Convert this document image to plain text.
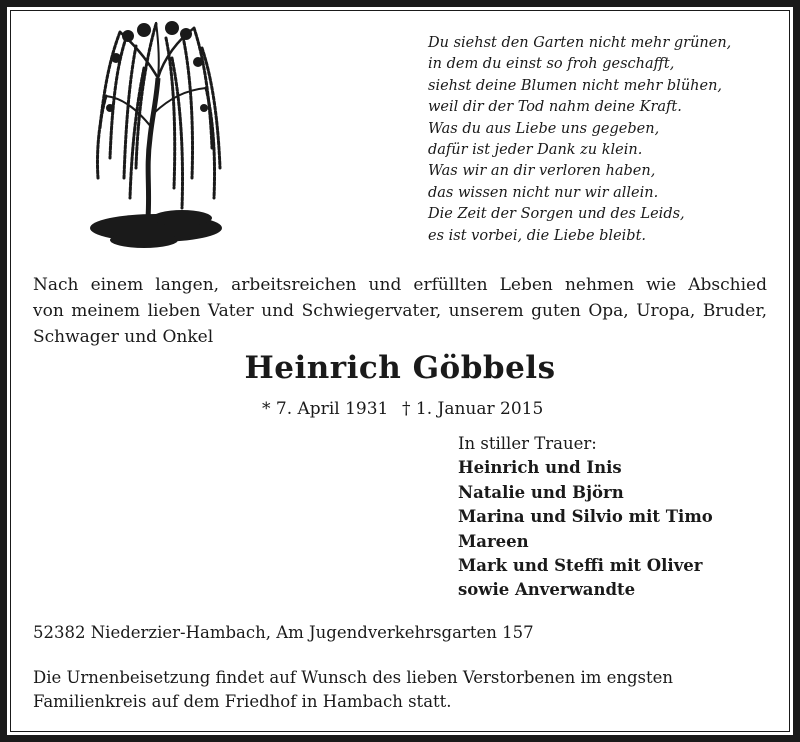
Du siehst den Garten nicht mehr grünen,
in dem du einst so froh geschafft,
siehst deine Blumen nicht mehr blühen,
weil dir der Tod nahm deine Kraft.
Was du aus Liebe uns gegeben,
dafür ist jeder Dank zu klein.
Was wir an dir verloren haben,
das wissen nicht nur wir allein.
Die Zeit der Sorgen und des Leids,
es ist vorbei, die Liebe bleibt.
Nach einem langen, arbeitsreichen und erfüllten Leben nehmen wie Abschied
von meinem lieben Vater und Schwiegervater, unserem guten Opa, Uropa, Bruder,
Schwager und Onkel
Heinrich Göbbels
* 7. April 1931 † 1. Januar 2015
In stiller Trauer:
Heinrich und Inis
Natalie und Björn
Marina und Silvio mit Timo
Mareen
Mark und Steffi mit Oliver
sowie Anverwandte
52382 Niederzier-Hambach, Am Jugendverkehrsgarten 157
Die Urnenbeisetzung findet auf Wunsch des lieben Verstorbenen im engsten
Familienkreis auf dem Friedhof in Hambach statt.
